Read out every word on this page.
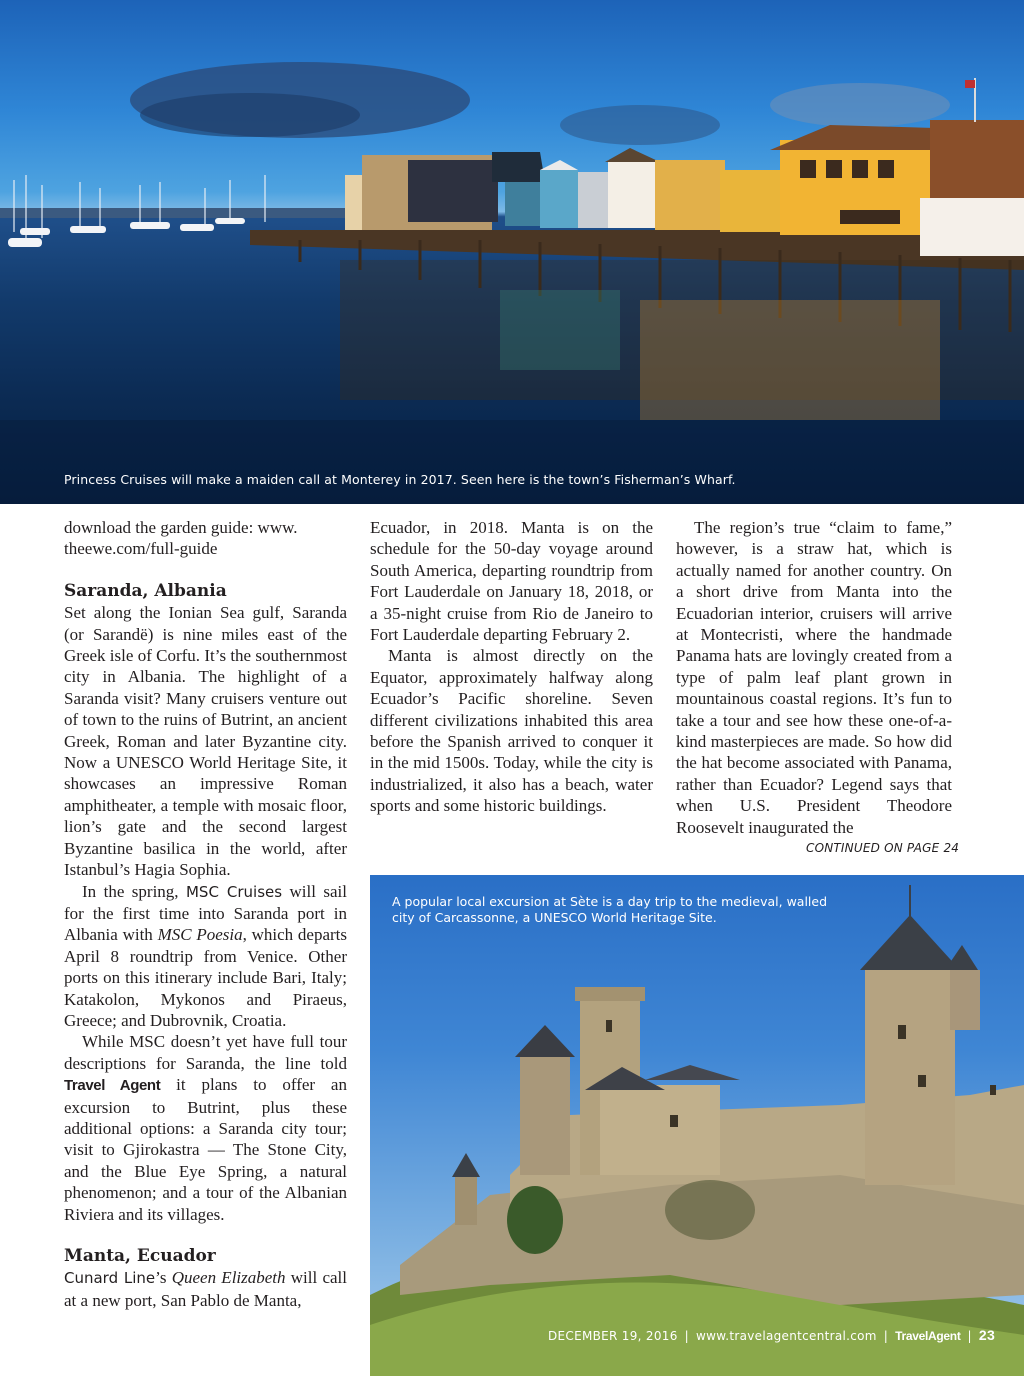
Princess Cruises will make a maiden call at Monterey in 2017. Seen here is the town’s Fisherman’s Wharf.

download the garden guide: www. theewe.com/full-guide

Saranda, Albania

Set along the Ionian Sea gulf, Saranda (or Sarandë) is nine miles east of the Greek isle of Corfu. It’s the southernmost city in Albania. The highlight of a Saranda visit? Many cruisers venture out of town to the ruins of Butrint, an ancient Greek, Roman and later Byzantine city. Now a UNESCO World Heritage Site, it showcases an impressive Roman amphitheater, a temple with mosaic floor, lion’s gate and the second largest Byzantine basilica in the world, after Istanbul’s Hagia Sophia.

In the spring, MSC Cruises will sail for the first time into Saranda port in Albania with MSC Poesia, which departs April 8 roundtrip from Venice. Other ports on this itinerary include Bari, Italy; Katakolon, Mykonos and Piraeus, Greece; and Dubrovnik, Croatia.

While MSC doesn’t yet have full tour descriptions for Saranda, the line told Travel Agent it plans to offer an excursion to Butrint, plus these additional options: a Saranda city tour; visit to Gjirokastra — The Stone City, and the Blue Eye Spring, a natural phenomenon; and a tour of the Albanian Riviera and its villages.

Manta, Ecuador

Cunard Line’s Queen Elizabeth will call at a new port, San Pablo de Manta,

Ecuador, in 2018. Manta is on the schedule for the 50-day voyage around South America, departing roundtrip from Fort Lauderdale on January 18, 2018, or a 35-night cruise from Rio de Janeiro to Fort Lauderdale departing February 2.

Manta is almost directly on the Equator, approximately halfway along Ecuador’s Pacific shoreline. Seven different civilizations inhabited this area before the Spanish arrived to conquer it in the mid 1500s. Today, while the city is industrialized, it also has a beach, water sports and some historic buildings.

The region’s true “claim to fame,” however, is a straw hat, which is actually named for another country. On a short drive from Manta into the Ecuadorian interior, cruisers will arrive at Montecristi, where the handmade Panama hats are lovingly created from a type of palm leaf plant grown in mountainous coastal regions. It’s fun to take a tour and see how these one-of-a-kind masterpieces are made. So how did the hat become associated with Panama, rather than Ecuador? Legend says that when U.S. President Theodore Roosevelt inaugurated the

CONTINUED ON PAGE 24
A popular local excursion at Sète is a day trip to the medieval, walled city of Carcassonne, a UNESCO World Heritage Site.
DECEMBER 19, 2016 | www.travelagentcentral.com | TravelAgent | 23
